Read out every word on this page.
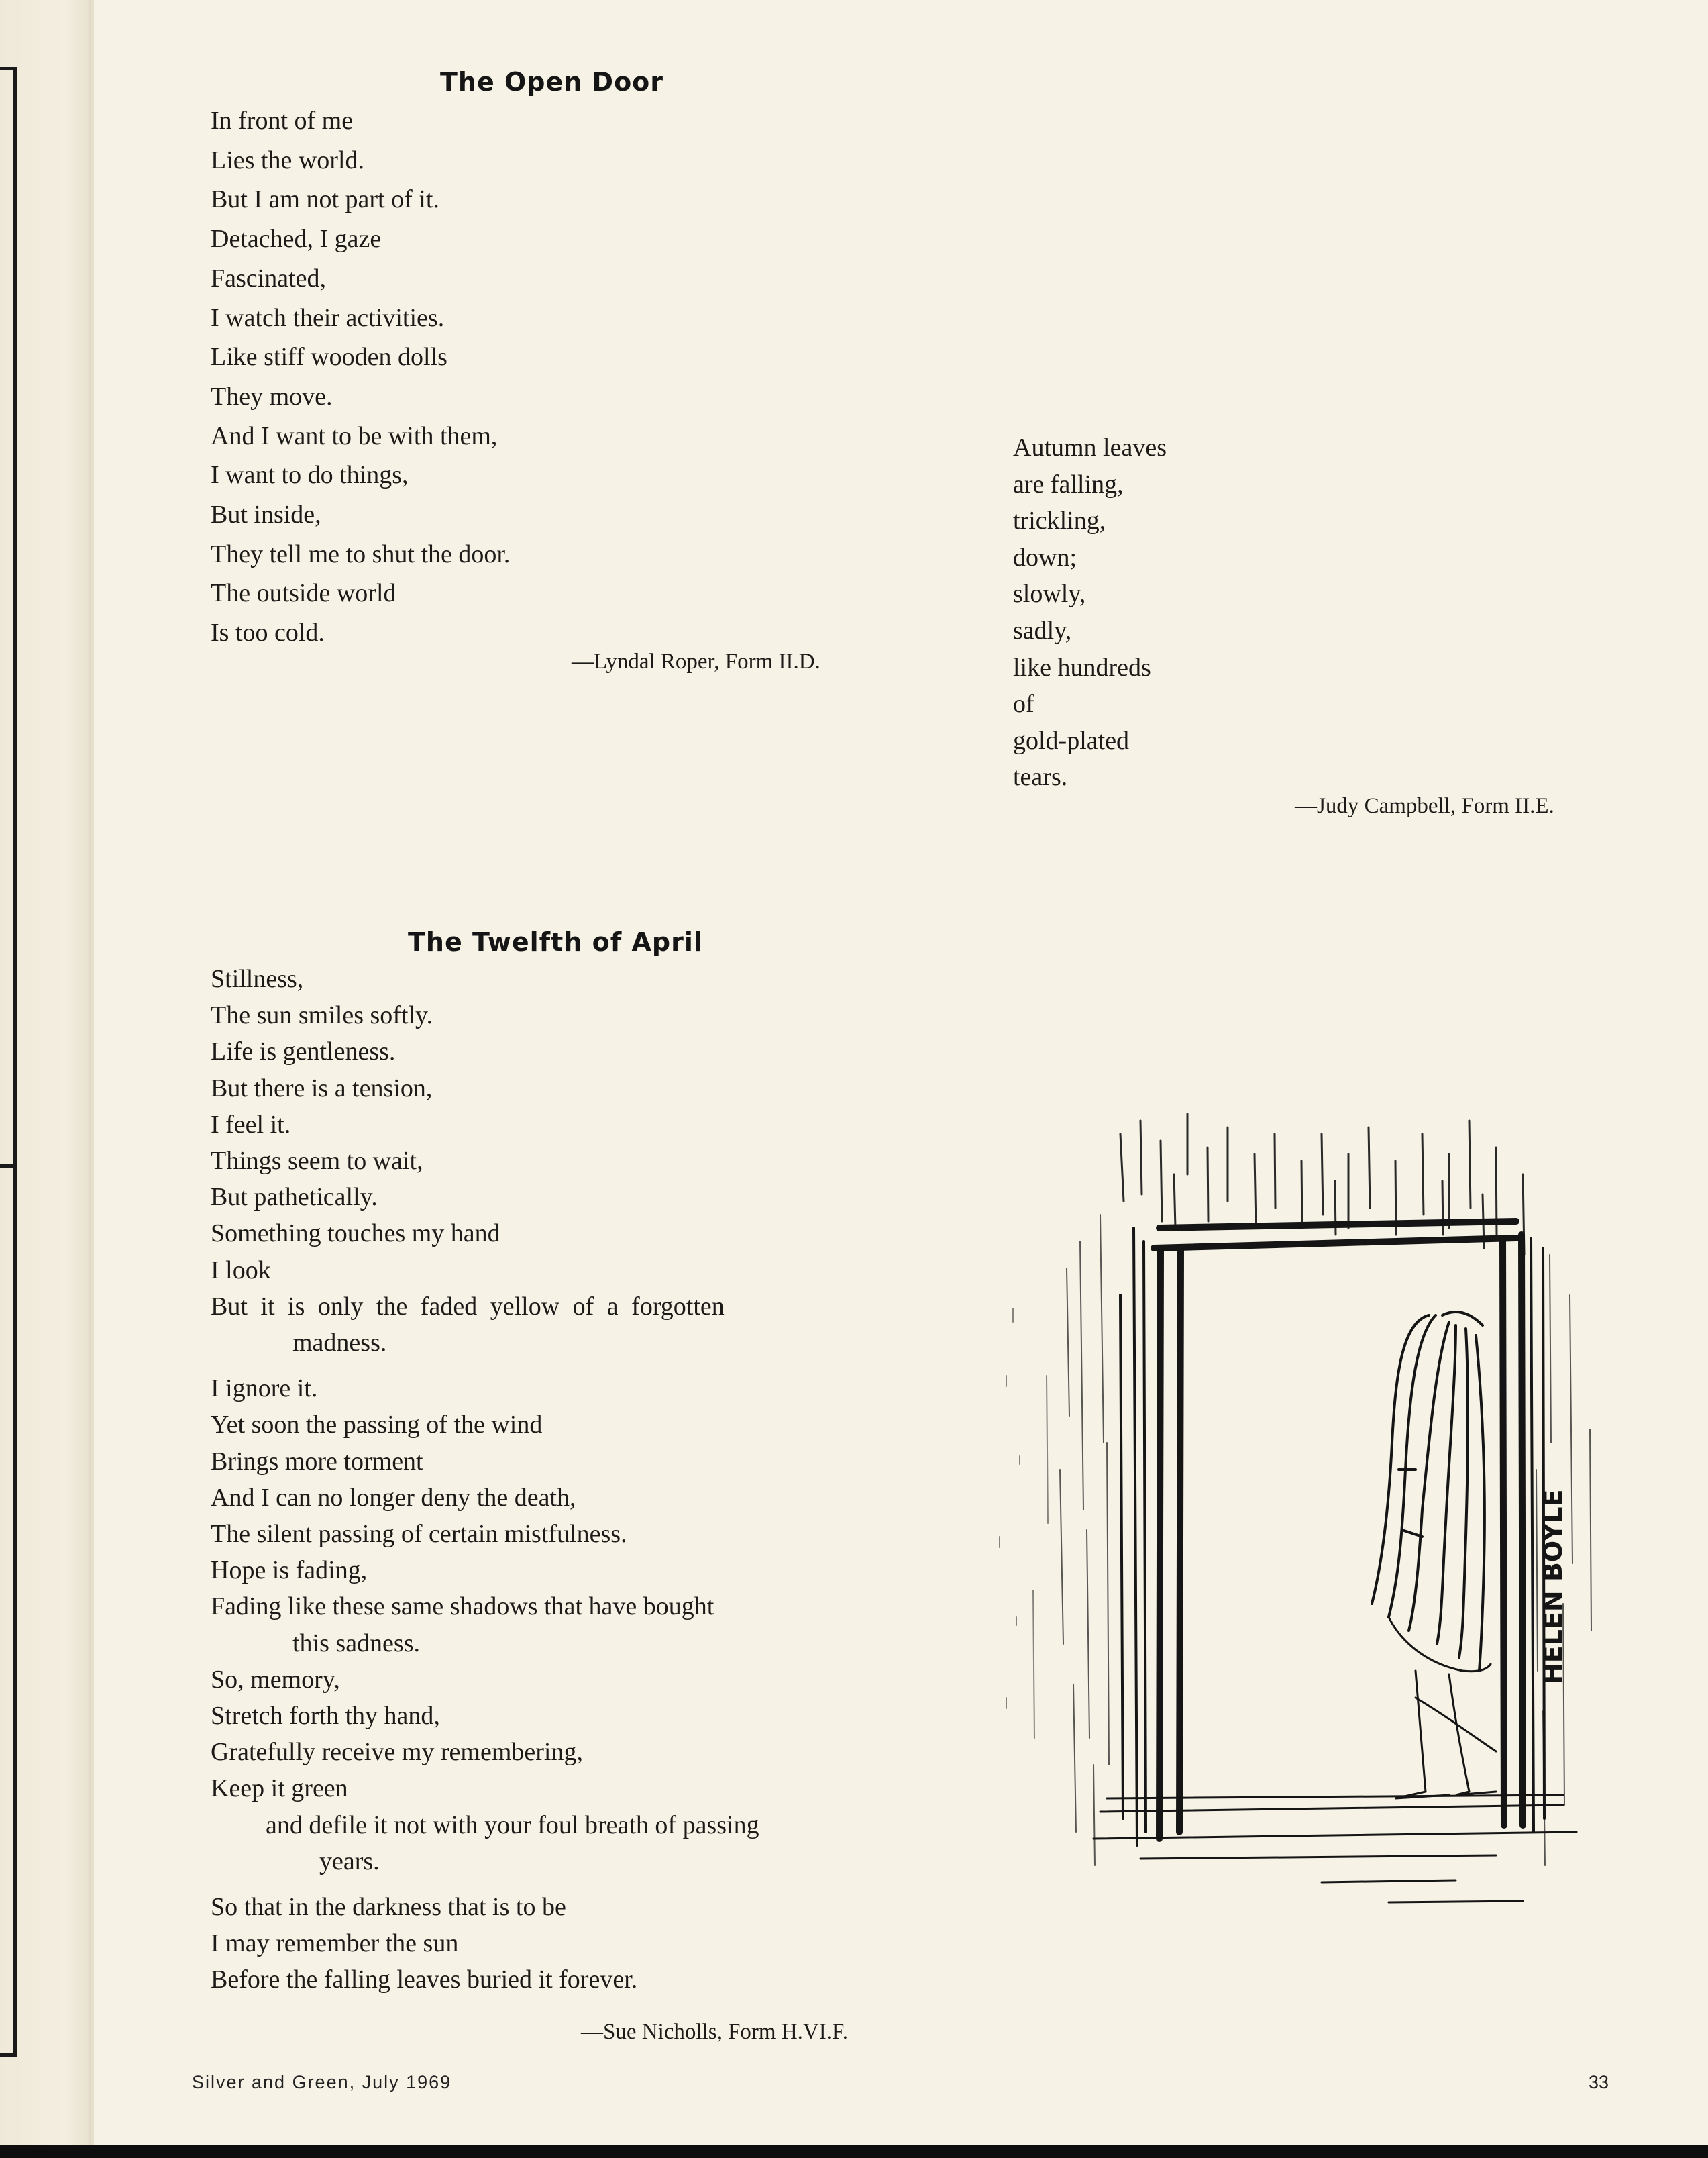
The Open Door
In front of me
Lies the world.
But I am not part of it.
Detached, I gaze
Fascinated,
I watch their activities.
Like stiff wooden dolls
They move.
And I want to be with them,
I want to do things,
But inside,
They tell me to shut the door.
The outside world
Is too cold.
—Lyndal Roper, Form II.D.
Autumn leaves
are falling,
trickling,
down;
slowly,
sadly,
like hundreds
of
gold-plated
tears.
—Judy Campbell, Form II.E.
The Twelfth of April
Stillness,
The sun smiles softly.
Life is gentleness.
But there is a tension,
I feel it.
Things seem to wait,
But pathetically.
Something touches my hand
I look
But it is only the faded yellow of a forgotten
madness.
I ignore it.
Yet soon the passing of the wind
Brings more torment
And I can no longer deny the death,
The silent passing of certain mistfulness.
Hope is fading,
Fading like these same shadows that have bought
this sadness.
So, memory,
Stretch forth thy hand,
Gratefully receive my remembering,
Keep it green
and defile it not with your foul breath of passing
years.
So that in the darkness that is to be
I may remember the sun
Before the falling leaves buried it forever.
—Sue Nicholls, Form H.VI.F.
HELEN BOYLE
Silver and Green, July 1969	33
